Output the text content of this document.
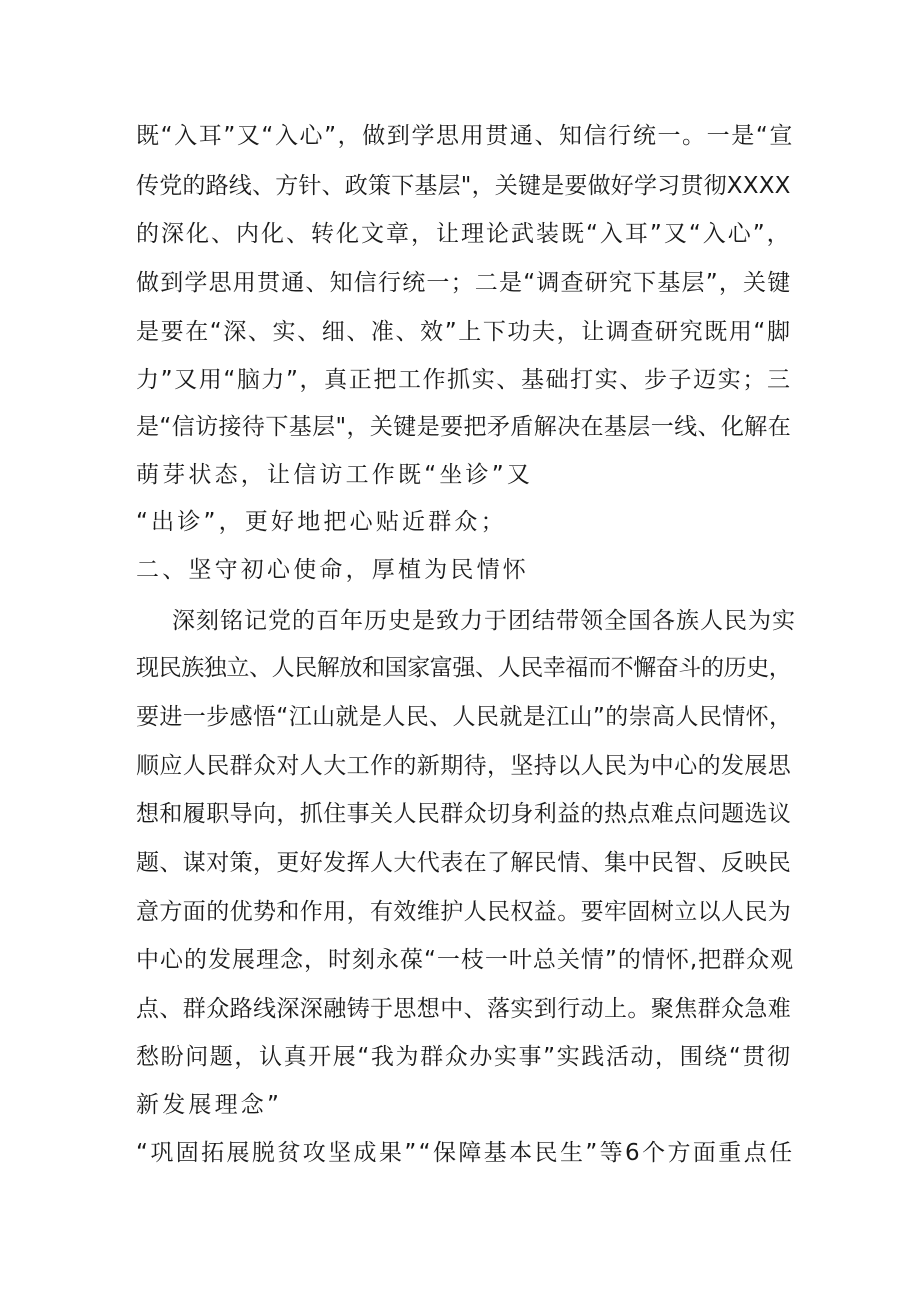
既“入耳”又“入心”，做到学思用贯通、知信行统一。一是“宣
传党的路线、方针、政策下基层"，关键是要做好学习贯彻XXXX
的深化、内化、转化文章，让理论武装既“入耳”又“入心”，
做到学思用贯通、知信行统一；二是“调查研究下基层”，关键
是要在“深、实、细、准、效”上下功夫，让调查研究既用“脚
力”又用“脑力”，真正把工作抓实、基础打实、步子迈实；三
是“信访接待下基层"，关键是要把矛盾解决在基层一线、化解在
萌芽状态，让信访工作既“坐诊”又
“出诊”，更好地把心贴近群众；
二、坚守初心使命，厚植为民情怀
深刻铭记党的百年历史是致力于团结带领全国各族人民为实
现民族独立、人民解放和国家富强、人民幸福而不懈奋斗的历史，
要进一步感悟“江山就是人民、人民就是江山”的崇高人民情怀，
顺应人民群众对人大工作的新期待，坚持以人民为中心的发展思
想和履职导向，抓住事关人民群众切身利益的热点难点问题选议
题、谋对策，更好发挥人大代表在了解民情、集中民智、反映民
意方面的优势和作用，有效维护人民权益。要牢固树立以人民为
中心的发展理念，时刻永葆“一枝一叶总关情”的情怀,把群众观
点、群众路线深深融铸于思想中、落实到行动上。聚焦群众急难
愁盼问题，认真开展“我为群众办实事”实践活动，围绕“贯彻
新发展理念”
“巩固拓展脱贫攻坚成果”“保障基本民生”等6个方面重点任
